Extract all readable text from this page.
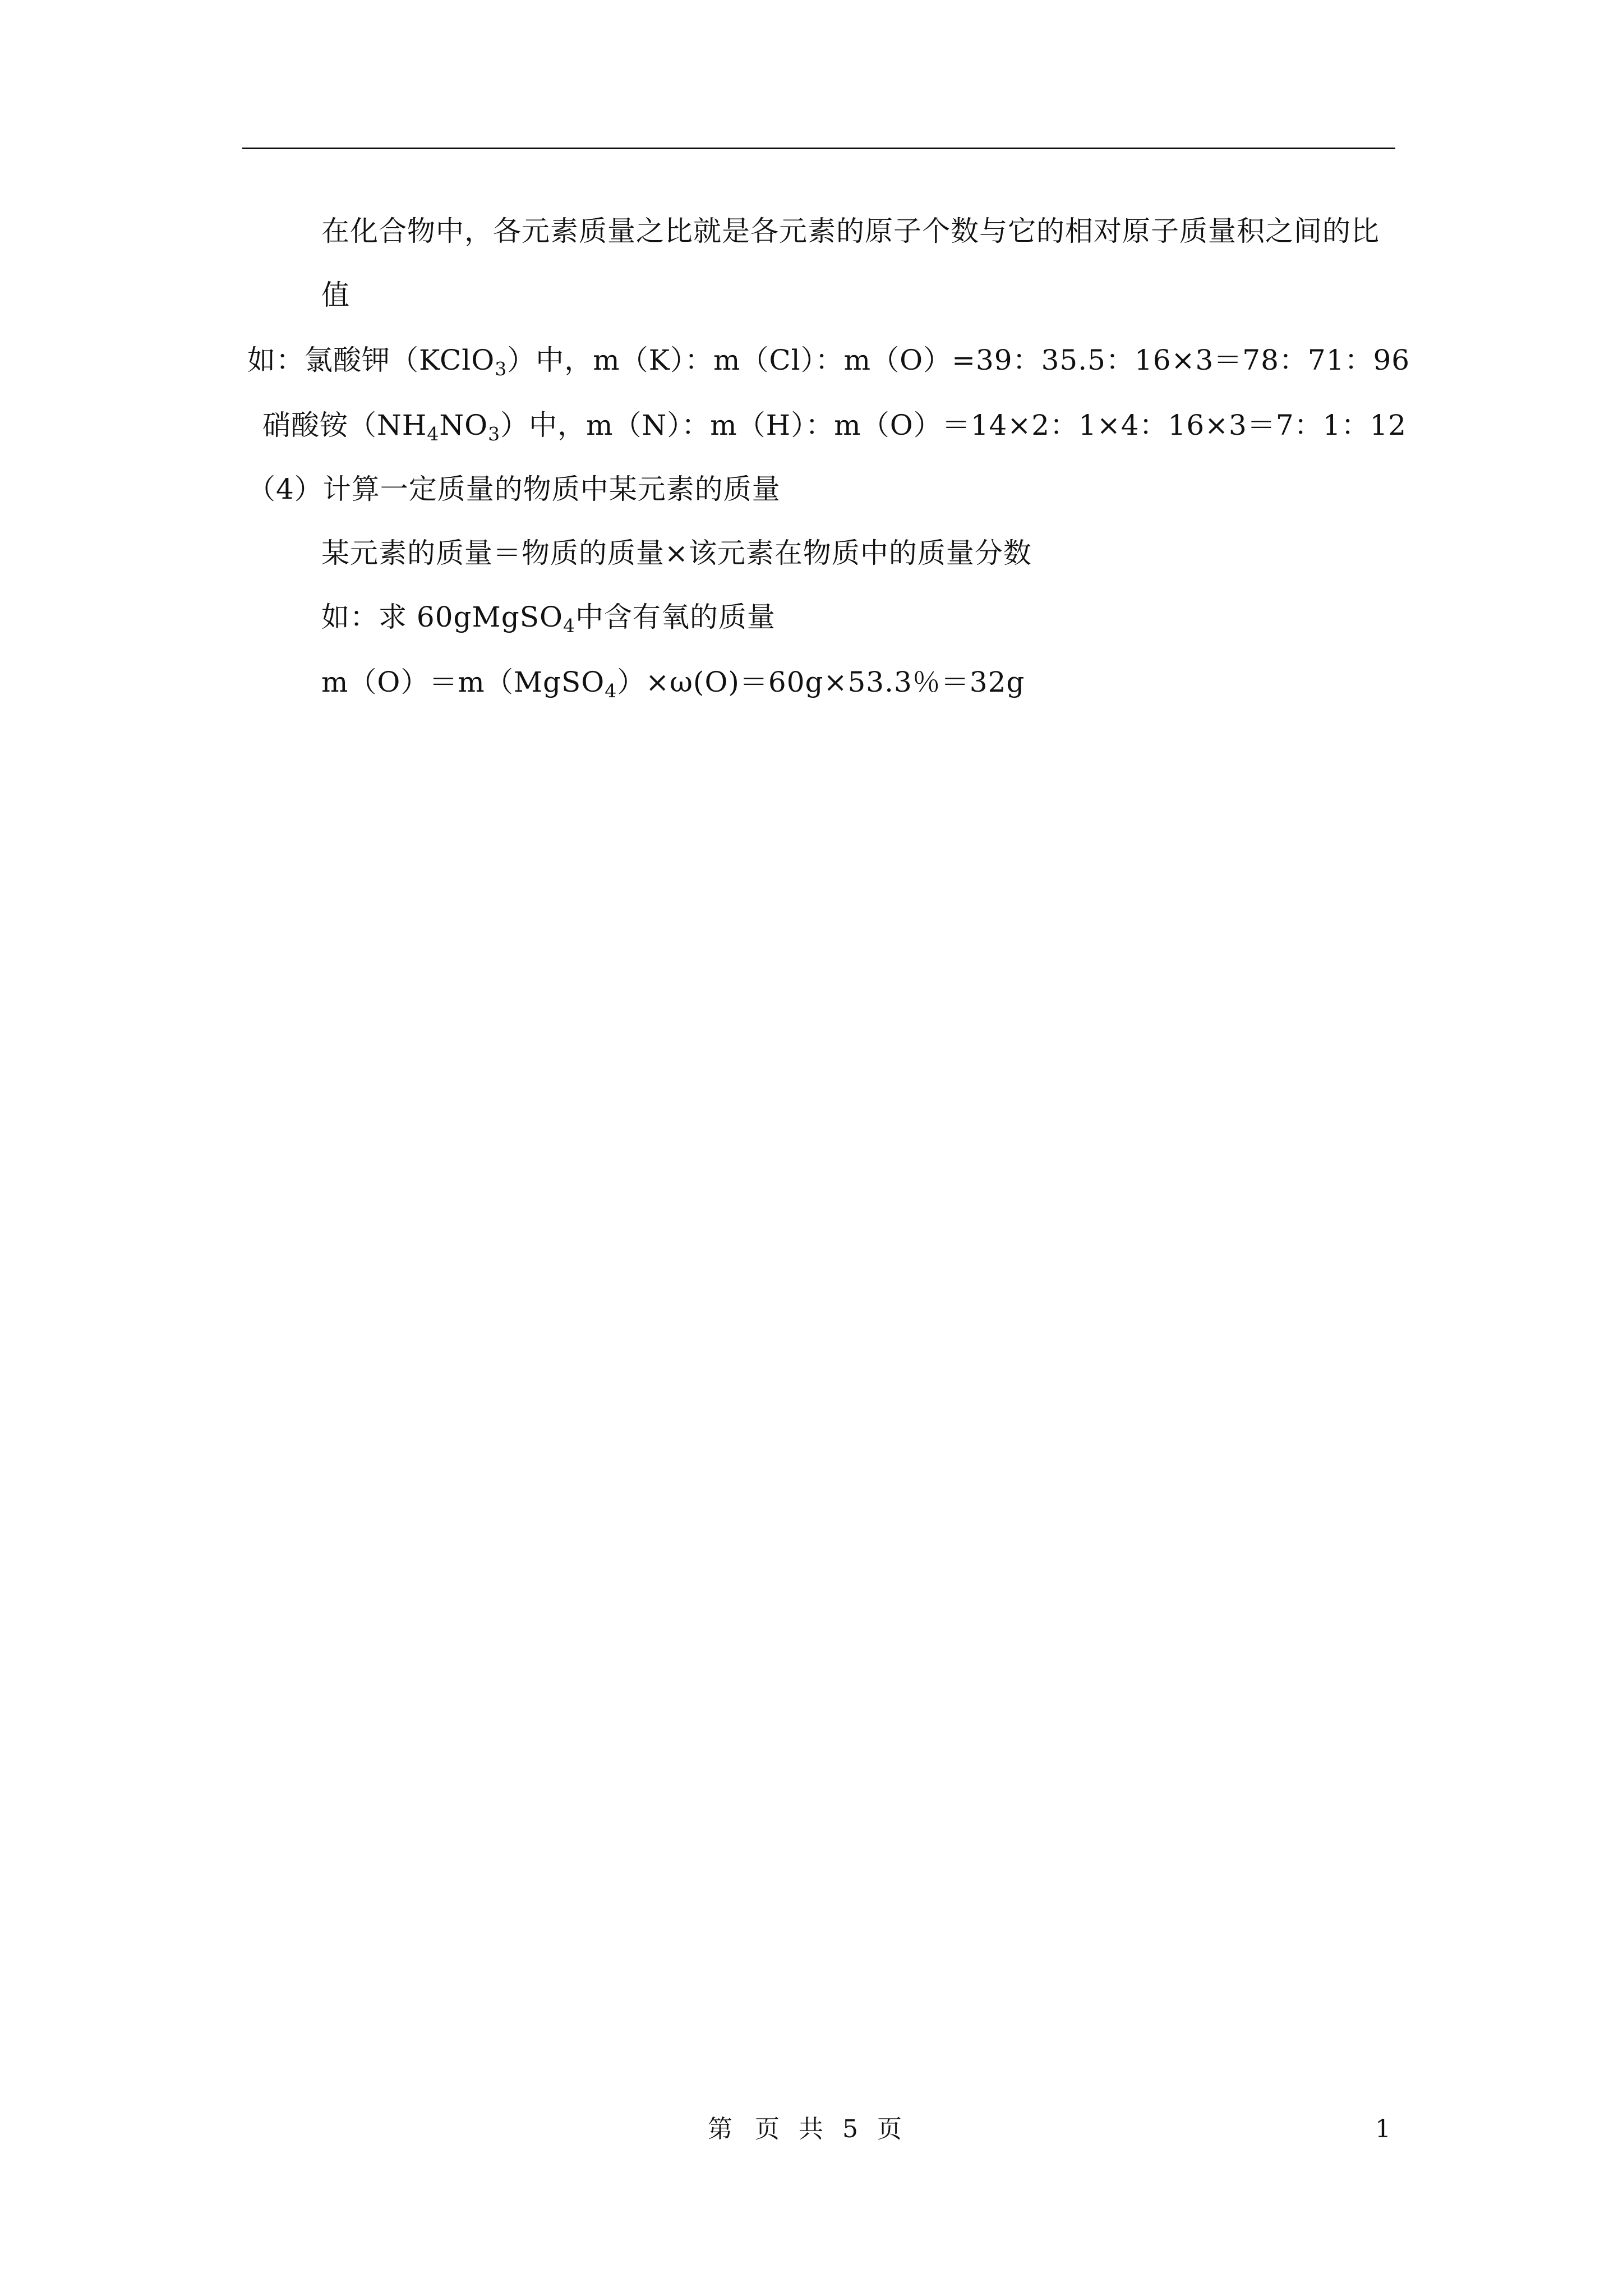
在化合物中，各元素质量之比就是各元素的原子个数与它的相对原子质量积之间的比
值
如：氯酸钾（KClO$_3$）中，m（K）：m（Cl）：m（O）=39：35.5：16×3＝78：71：96
硝酸铵$(NH_4NO_3)$中，m（N）：m（H）：m（O）＝14×2：1×4：16×3＝7：1：12
（4）计算一定质量的物质中某元素的质量
某元素的质量＝物质的质量×该元素在物质中的质量分数
如：求 60gMgSO$_4$中含有氧的质量
m（O）＝m（MgSO$_4$）×ω(O)＝60g×53.3％＝32g
第 页 共 5 页	1
